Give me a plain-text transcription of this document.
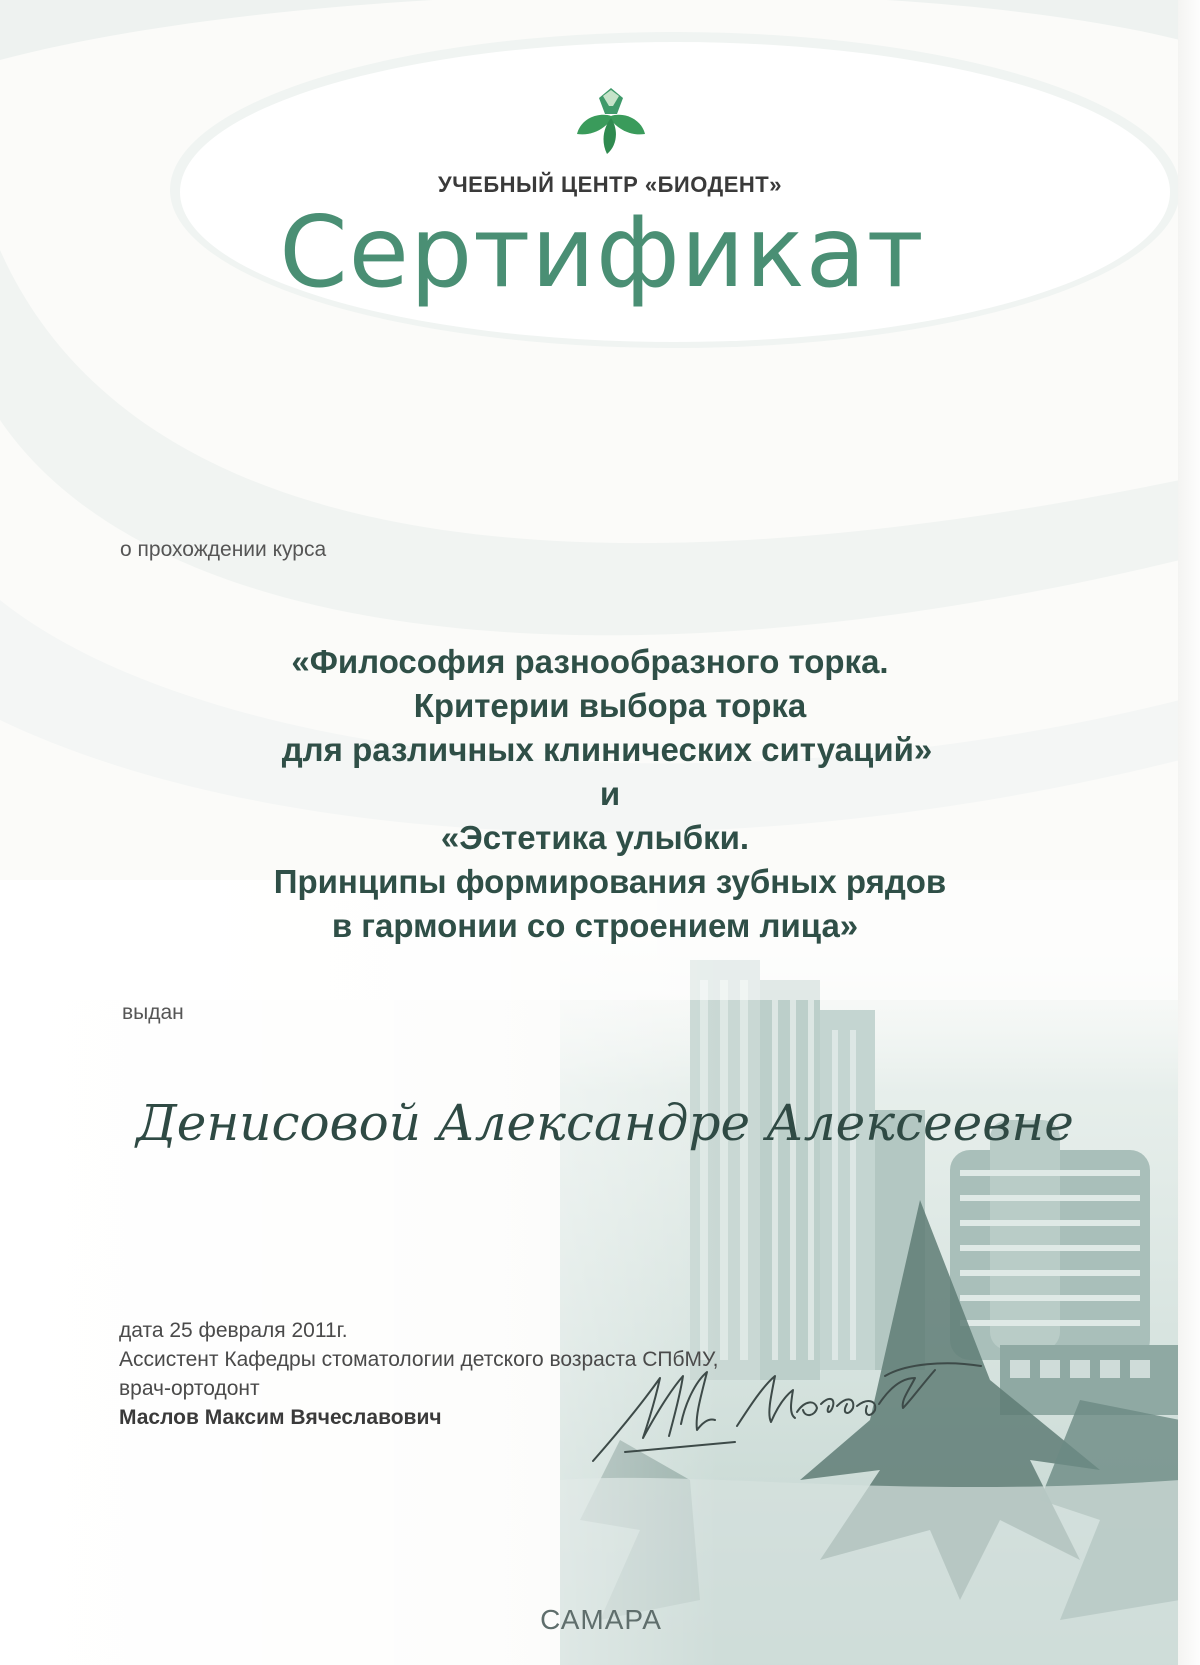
УЧЕБНЫЙ ЦЕНТР «БИОДЕНТ»
Сертификат
о прохождении курса
«Философия разнообразного торка.
Критерии выбора торка
для различных клинических ситуаций»
и
«Эстетика улыбки.
Принципы формирования зубных рядов
в гармонии со строением лица»
выдан
Денисовой Александре Алексеевне
дата 25 февраля 2011г.
Ассистент Кафедры стоматологии детского возраста СПбМУ,
врач-ортодонт
Маслов Максим Вячеславович
САМАРА
